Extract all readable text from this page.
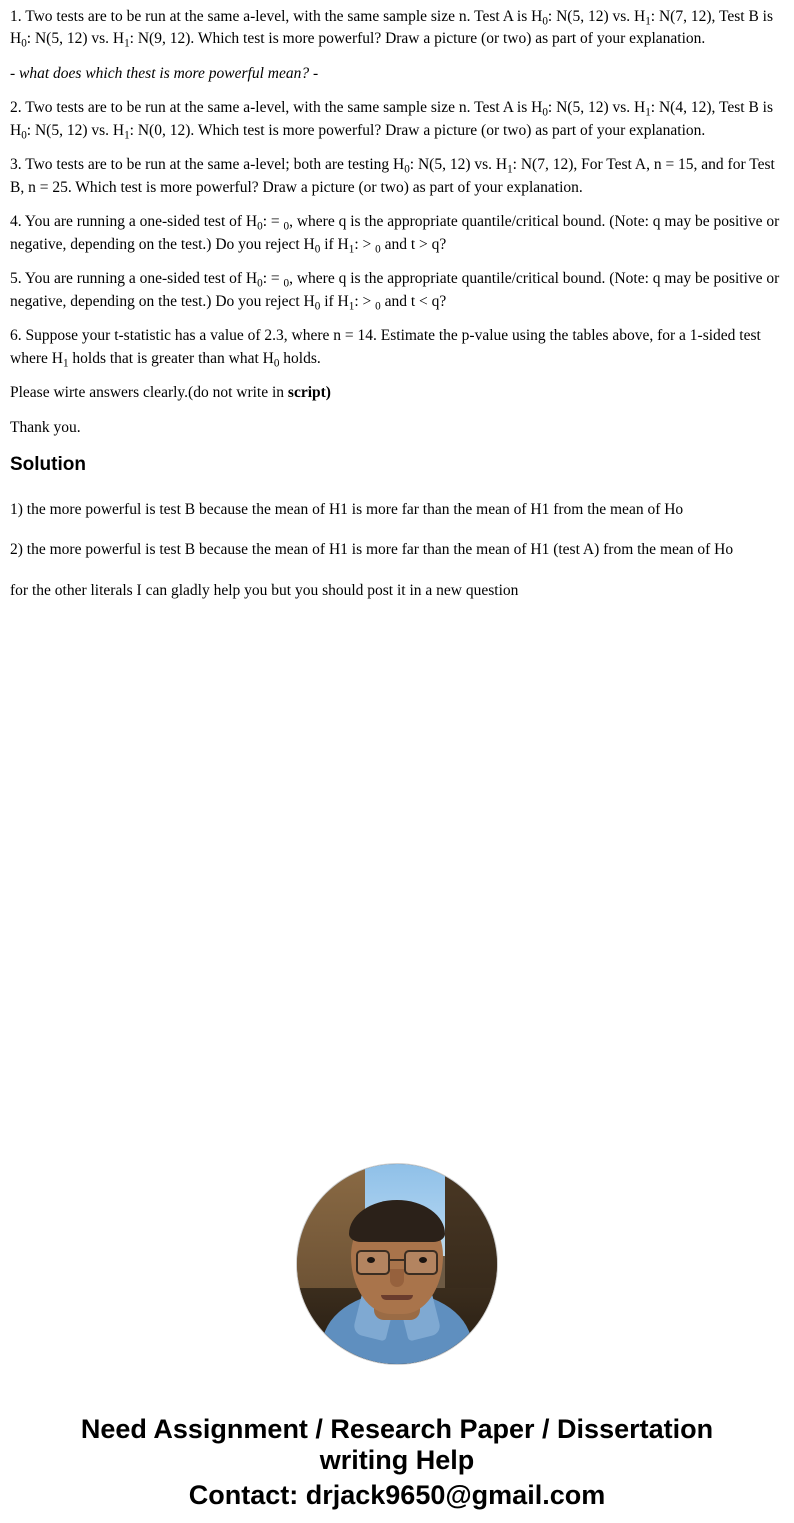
1. Two tests are to be run at the same a-level, with the same sample size n. Test A is $H_0$: N(5, 12) vs. $H_1$: N(7, 12), Test B is $H_0$: N(5, 12) vs. $H_1$: N(9, 12). Which test is more powerful? Draw a picture (or two) as part of your explanation.

- what does which thest is more powerful mean? -

2. Two tests are to be run at the same a-level, with the same sample size n. Test A is $H_0$: N(5, 12) vs. $H_1$: N(4, 12), Test B is $H_0$: N(5, 12) vs. $H_1$: N(0, 12). Which test is more powerful? Draw a picture (or two) as part of your explanation.

3. Two tests are to be run at the same a-level; both are testing $H_0$: N(5, 12) vs. $H_1$: N(7, 12), For Test A, n = 15, and for Test B, n = 25. Which test is more powerful? Draw a picture (or two) as part of your explanation.

4. You are running a one-sided test of $H_0$: = $_0$, where q is the appropriate quantile/critical bound. (Note: q may be positive or negative, depending on the test.) Do you reject $H_0$ if $H_1$: > $_0$ and t > q?

5. You are running a one-sided test of $H_0$: = $_0$, where q is the appropriate quantile/critical bound. (Note: q may be positive or negative, depending on the test.) Do you reject $H_0$ if $H_1$: > $_0$ and t < q?

6. Suppose your t-statistic has a value of 2.3, where n = 14. Estimate the p-value using the tables above, for a 1-sided test where $H_1$ holds that is greater than what $H_0$ holds.

Please wirte answers clearly.(do not write in script)

Thank you.

Solution

1) the more powerful is test B because the mean of H1 is more far than the mean of H1 from the mean of Ho

2) the more powerful is test B because the mean of H1 is more far than the mean of H1 (test A) from the mean of Ho

for the other literals I can gladly help you but you should post it in a new question

Need Assignment / Research Paper / Dissertation
writing Help
Contact: drjack9650@gmail.com
